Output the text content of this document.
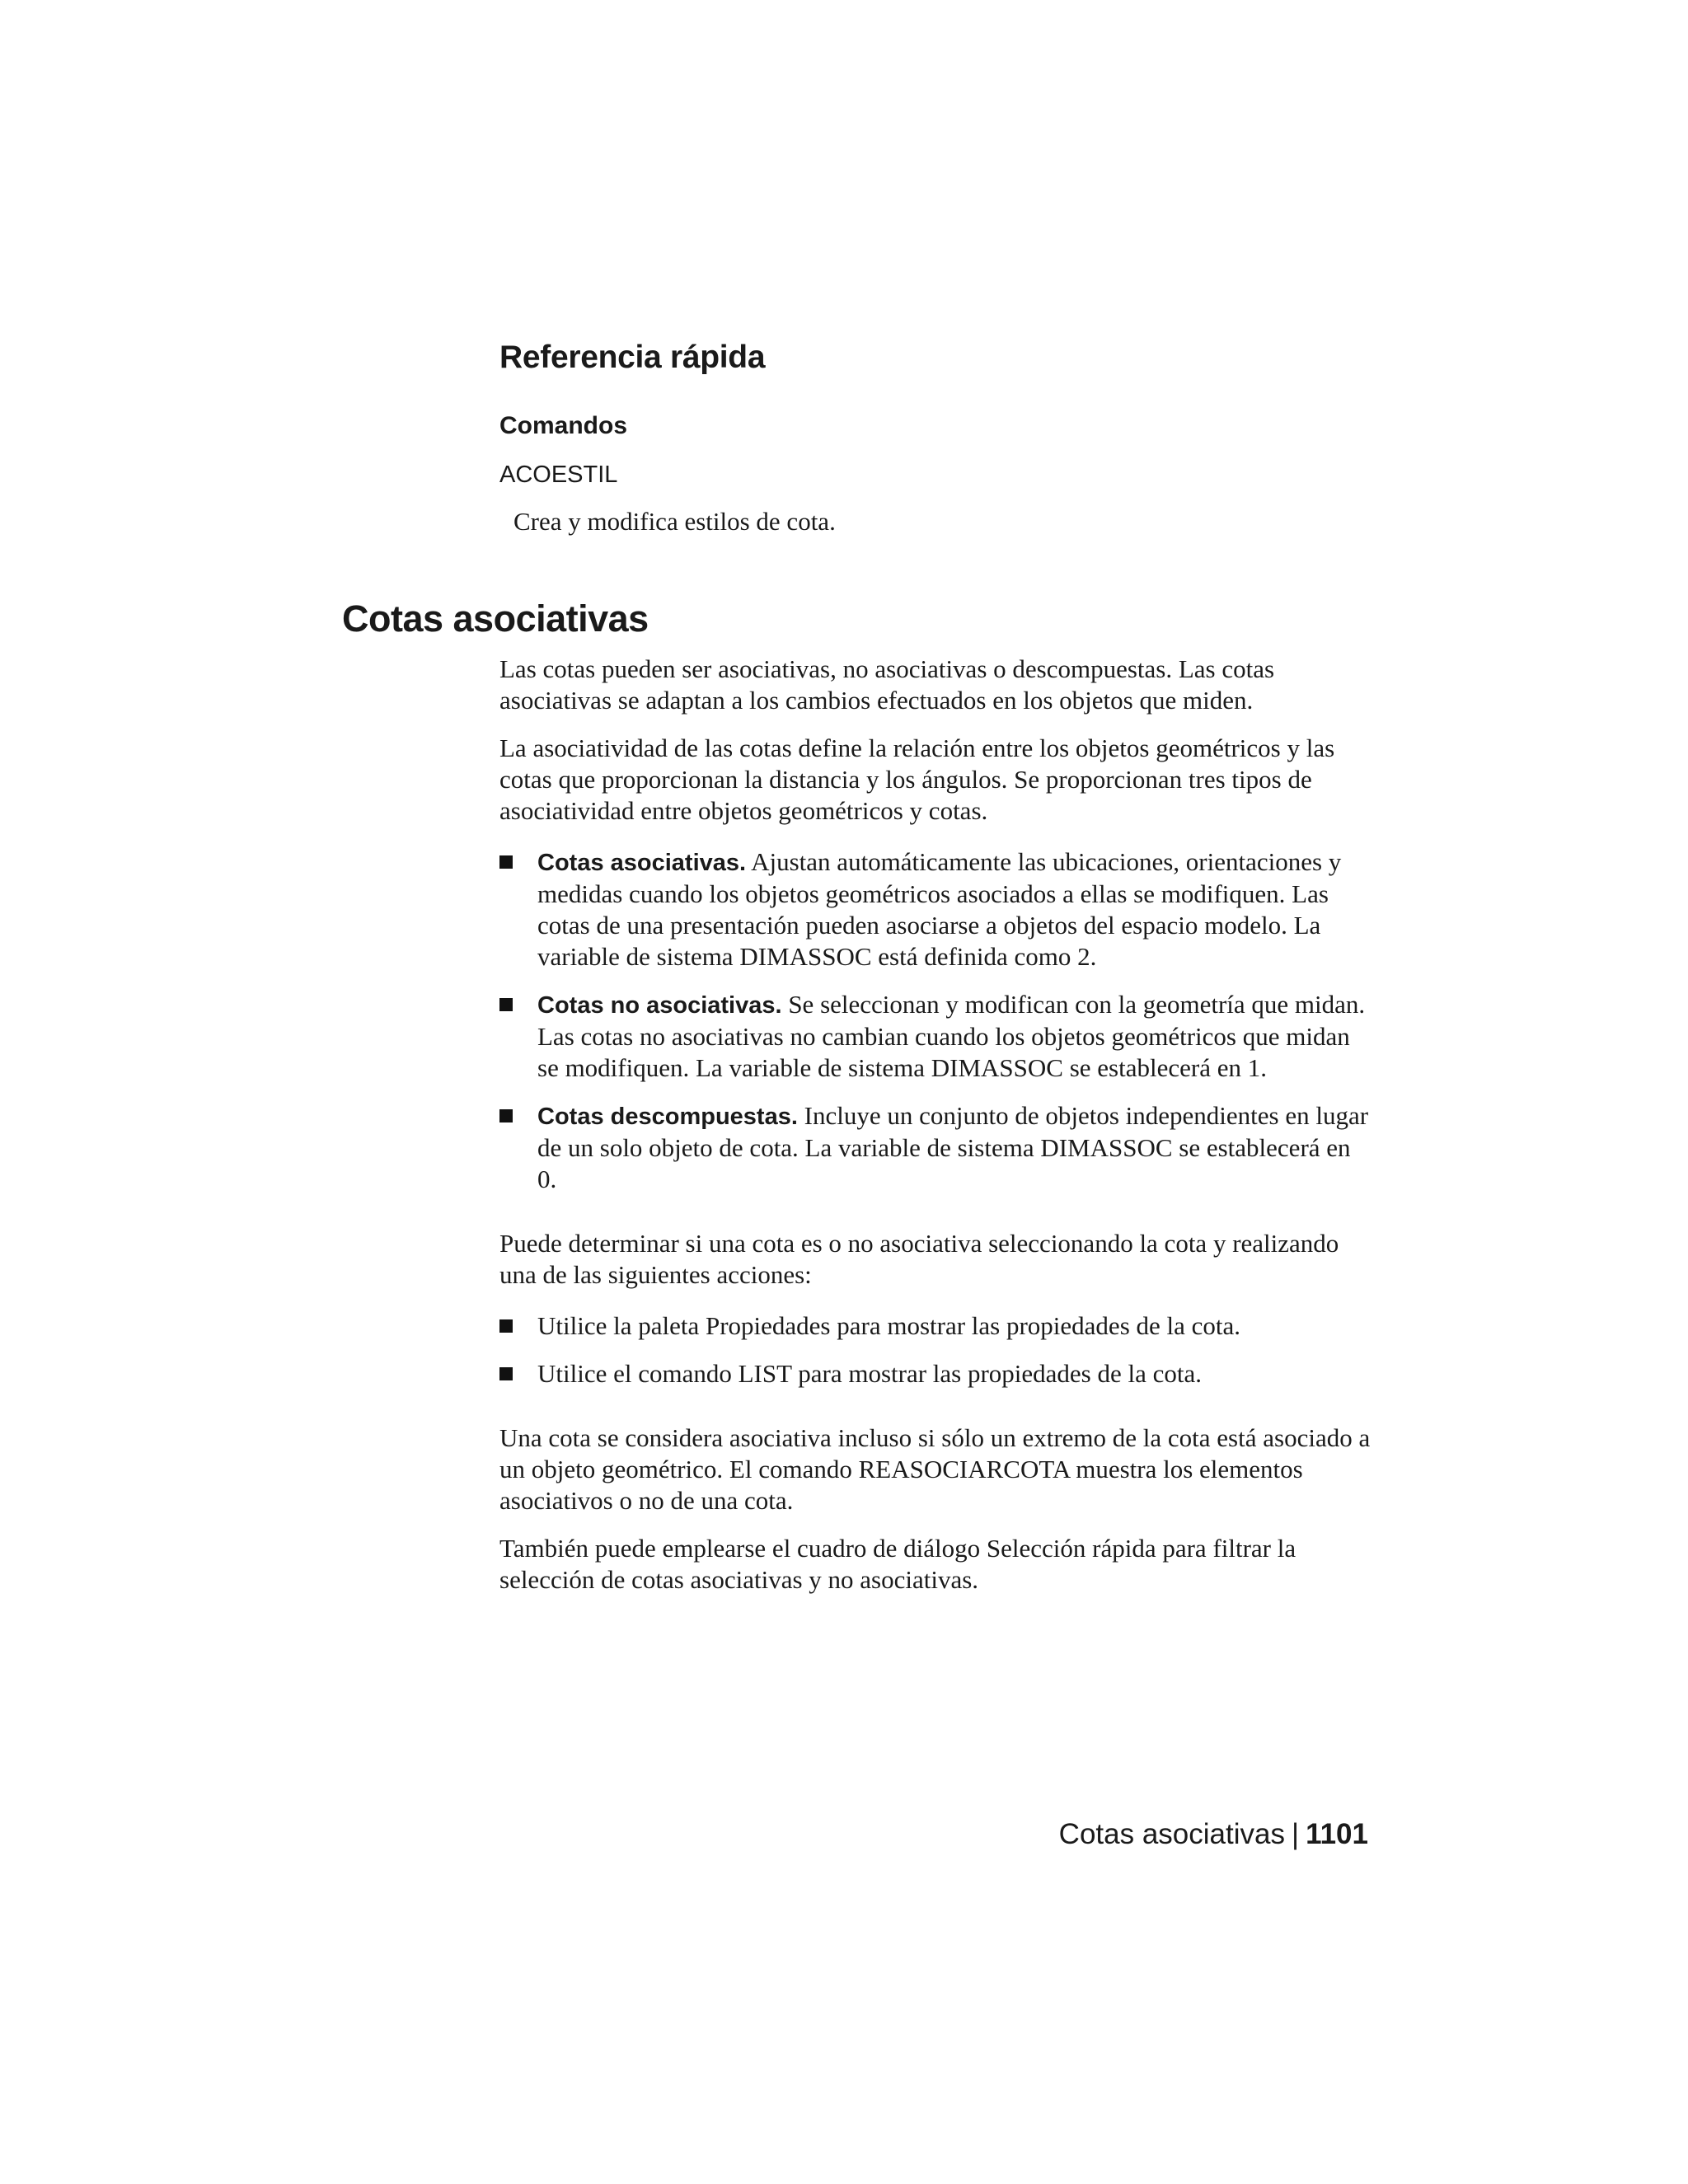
Referencia rápida
Comandos

ACOESTIL

Crea y modifica estilos de cota.

Cotas asociativas

Las cotas pueden ser asociativas, no asociativas o descompuestas. Las cotas asociativas se adaptan a los cambios efectuados en los objetos que miden.

La asociatividad de las cotas define la relación entre los objetos geométricos y las cotas que proporcionan la distancia y los ángulos. Se proporcionan tres tipos de asociatividad entre objetos geométricos y cotas.

Cotas asociativas. Ajustan automáticamente las ubicaciones, orientaciones y medidas cuando los objetos geométricos asociados a ellas se modifiquen. Las cotas de una presentación pueden asociarse a objetos del espacio modelo. La variable de sistema DIMASSOC está definida como 2.
Cotas no asociativas. Se seleccionan y modifican con la geometría que midan. Las cotas no asociativas no cambian cuando los objetos geométricos que midan se modifiquen. La variable de sistema DIMASSOC se establecerá en 1.
Cotas descompuestas. Incluye un conjunto de objetos independientes en lugar de un solo objeto de cota. La variable de sistema DIMASSOC se establecerá en 0.

Puede determinar si una cota es o no asociativa seleccionando la cota y realizando una de las siguientes acciones:

Utilice la paleta Propiedades para mostrar las propiedades de la cota.
Utilice el comando LIST para mostrar las propiedades de la cota.

Una cota se considera asociativa incluso si sólo un extremo de la cota está asociado a un objeto geométrico. El comando REASOCIARCOTA muestra los elementos asociativos o no de una cota.

También puede emplearse el cuadro de diálogo Selección rápida para filtrar la selección de cotas asociativas y no asociativas.

Cotas asociativas | 1101
